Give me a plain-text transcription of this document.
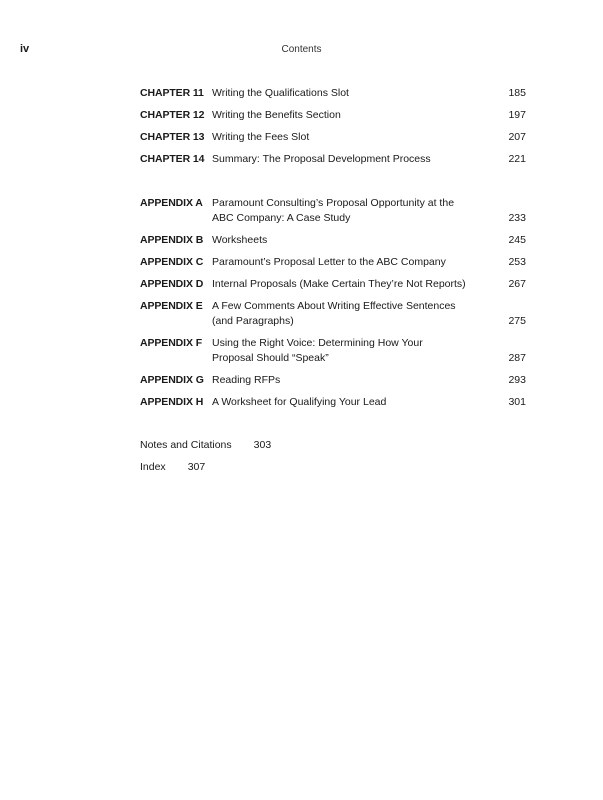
iv	Contents
CHAPTER 11 Writing the Qualifications Slot	185
CHAPTER 12 Writing the Benefits Section	197
CHAPTER 13 Writing the Fees Slot	207
CHAPTER 14 Summary: The Proposal Development Process	221
APPENDIX A Paramount Consulting’s Proposal Opportunity at the ABC Company: A Case Study	233
APPENDIX B Worksheets	245
APPENDIX C Paramount’s Proposal Letter to the ABC Company	253
APPENDIX D Internal Proposals (Make Certain They’re Not Reports)	267
APPENDIX E A Few Comments About Writing Effective Sentences (and Paragraphs)	275
APPENDIX F Using the Right Voice: Determining How Your Proposal Should “Speak”	287
APPENDIX G Reading RFPs	293
APPENDIX H A Worksheet for Qualifying Your Lead	301
Notes and Citations 303
Index 307
